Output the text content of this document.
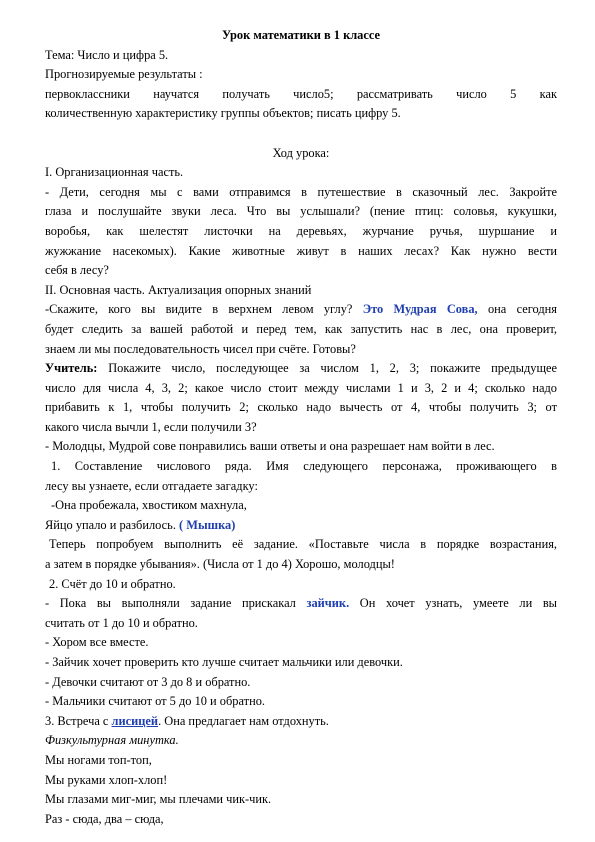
Урок математики в 1 классе
Тема: Число и цифра 5.
Прогнозируемые результаты :
первоклассники научатся получать число5; рассматривать число 5 как
количественную характеристику группы объектов; писать цифру 5.
Ход урока:
I. Организационная часть.
- Дети, сегодня мы с вами отправимся в путешествие в сказочный лес. Закройте
глаза и послушайте звуки леса. Что вы услышали? (пение птиц: соловья, кукушки,
воробья, как шелестят листочки на деревьях, журчание ручья, шуршание и
жужжание насекомых). Какие животные живут в наших лесах? Как нужно вести
себя в лесу?
II. Основная часть. Актуализация опорных знаний
-Скажите, кого вы видите в верхнем левом углу? Это Мудрая Сова, она сегодня
будет следить за вашей работой и перед тем, как запустить нас в лес, она проверит,
знаем ли мы последовательность чисел при счёте. Готовы?
Учитель: Покажите число, последующее за числом 1, 2, 3; покажите предыдущее
число для числа 4, 3, 2; какое число стоит между числами 1 и 3, 2 и 4; сколько надо
прибавить к 1, чтобы получить 2; сколько надо вычесть от 4, чтобы получить 3; от
какого числа вычли 1, если получили 3?
- Молодцы, Мудрой сове понравились ваши ответы и она разрешает нам войти в лес.
1. Составление числового ряда. Имя следующего персонажа, проживающего в
лесу вы узнаете, если отгадаете загадку:
-Она пробежала, хвостиком махнула,
Яйцо упало и разбилось. ( Мышка)
Теперь попробуем выполнить её задание. «Поставьте числа в порядке возрастания,
а затем в порядке убывания». (Числа от 1 до 4) Хорошо, молодцы!
2. Счёт до 10 и обратно.
- Пока вы выполняли задание прискакал зайчик. Он хочет узнать, умеете ли вы
считать от 1 до 10 и обратно.
- Хором все вместе.
- Зайчик хочет проверить кто лучше считает мальчики или девочки.
- Девочки считают от 3 до 8 и обратно.
- Мальчики считают от 5 до 10 и обратно.
3. Встреча с лисицей. Она предлагает нам отдохнуть.
Физкультурная минутка.
Мы ногами топ-топ,
Мы руками хлоп-хлоп!
Мы глазами миг-миг, мы плечами чик-чик.
Раз - сюда, два – сюда,
